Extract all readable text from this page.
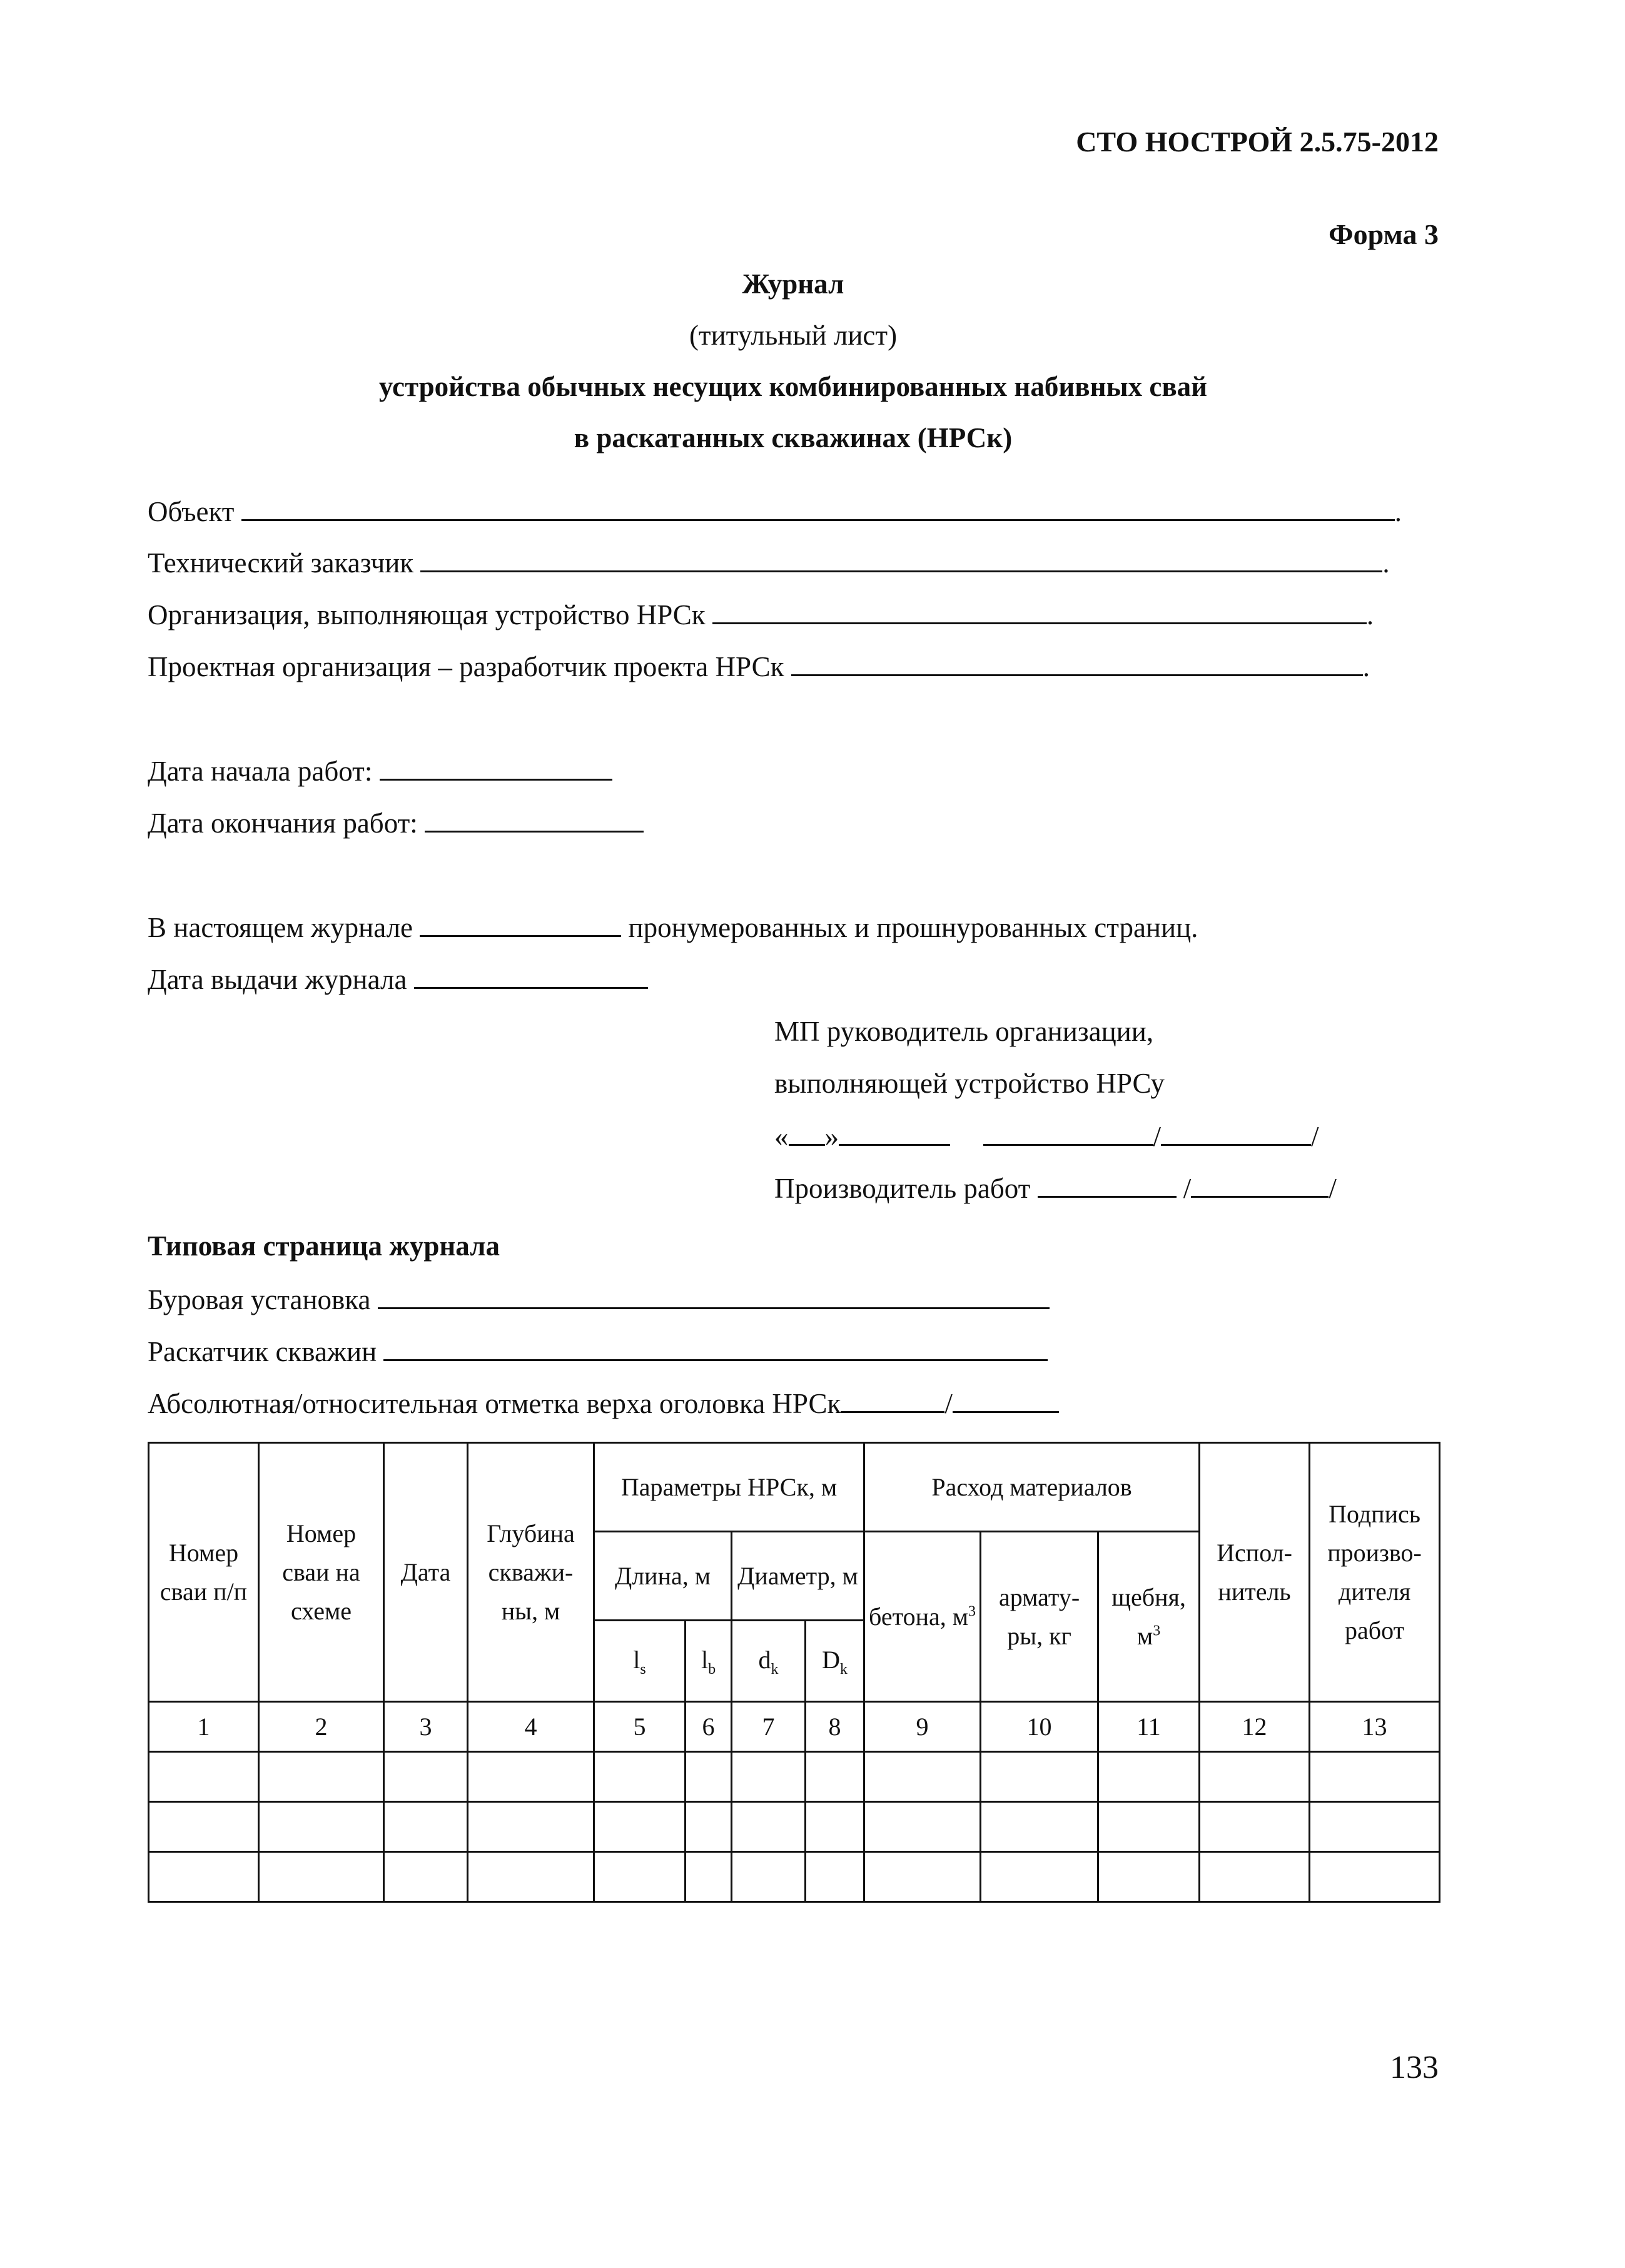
СТО НОСТРОЙ 2.5.75-2012
Форма 3
Журнал
(титульный лист)
устройства обычных несущих комбинированных набивных свай
в раскатанных скважинах (НРСк)
Объект	.
Технический заказчик	.
Организация, выполняющая устройство НРСк	.
Проектная организация – разработчик проекта НРСк	.
Дата начала работ:
Дата окончания работ:
В настоящем журнале	пронумерованных и прошнурованных страниц.
Дата выдачи журнала
МП руководитель организации,
выполняющей устройство НРСу
« »	/	/
Производитель работ	/	/
Типовая страница журнала
Буровая установка
Раскатчик скважин
Абсолютная/относительная отметка верха оголовка НРСк	/
Номер сваи п/п	Номер сваи на схеме	Дата	Глубина скважи-ны, м	Параметры НРСк, м				Расход материалов			Испол-нитель	Подпись произво-дителя работ
				Длина, м		Диаметр, м		бетона, $м^3$	армату-ры, кг	щебня, $м^3$
				$l_s$	$l_b$	$d_k$	$D_k$
1	2	3	4	5	6	7	8	9	10	11	12	13

133
